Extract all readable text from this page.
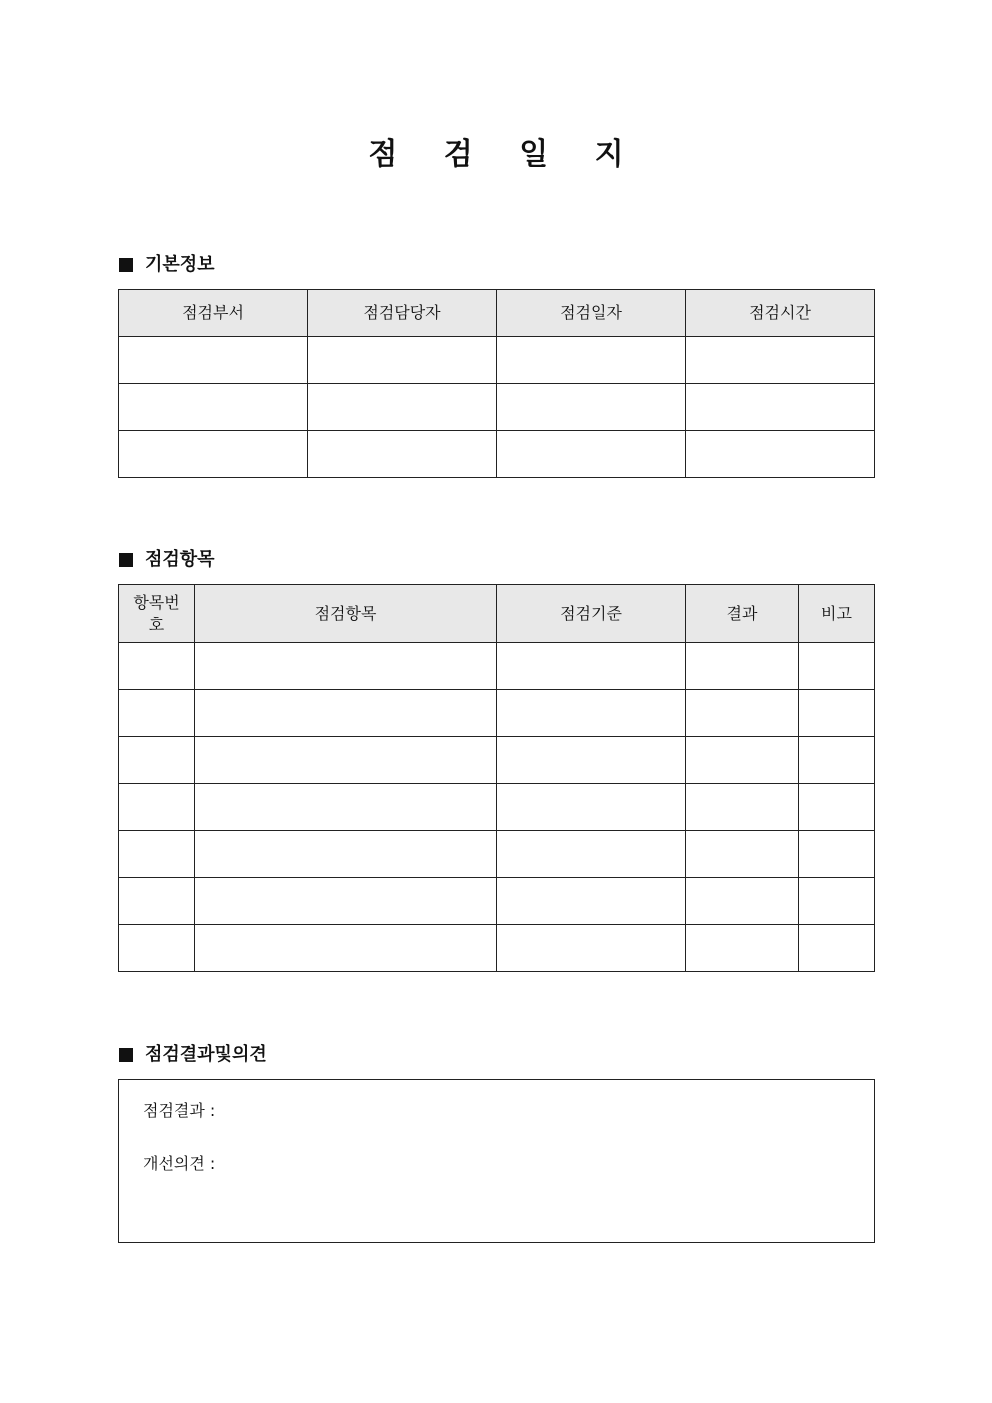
점 검 일 지
기본정보
점검부서	점검담당자	점검일자	점검시간

점검항목
항목번호	점검항목	점검기준	결과	비고

점검결과및의견
점검결과 :
개선의견 :
